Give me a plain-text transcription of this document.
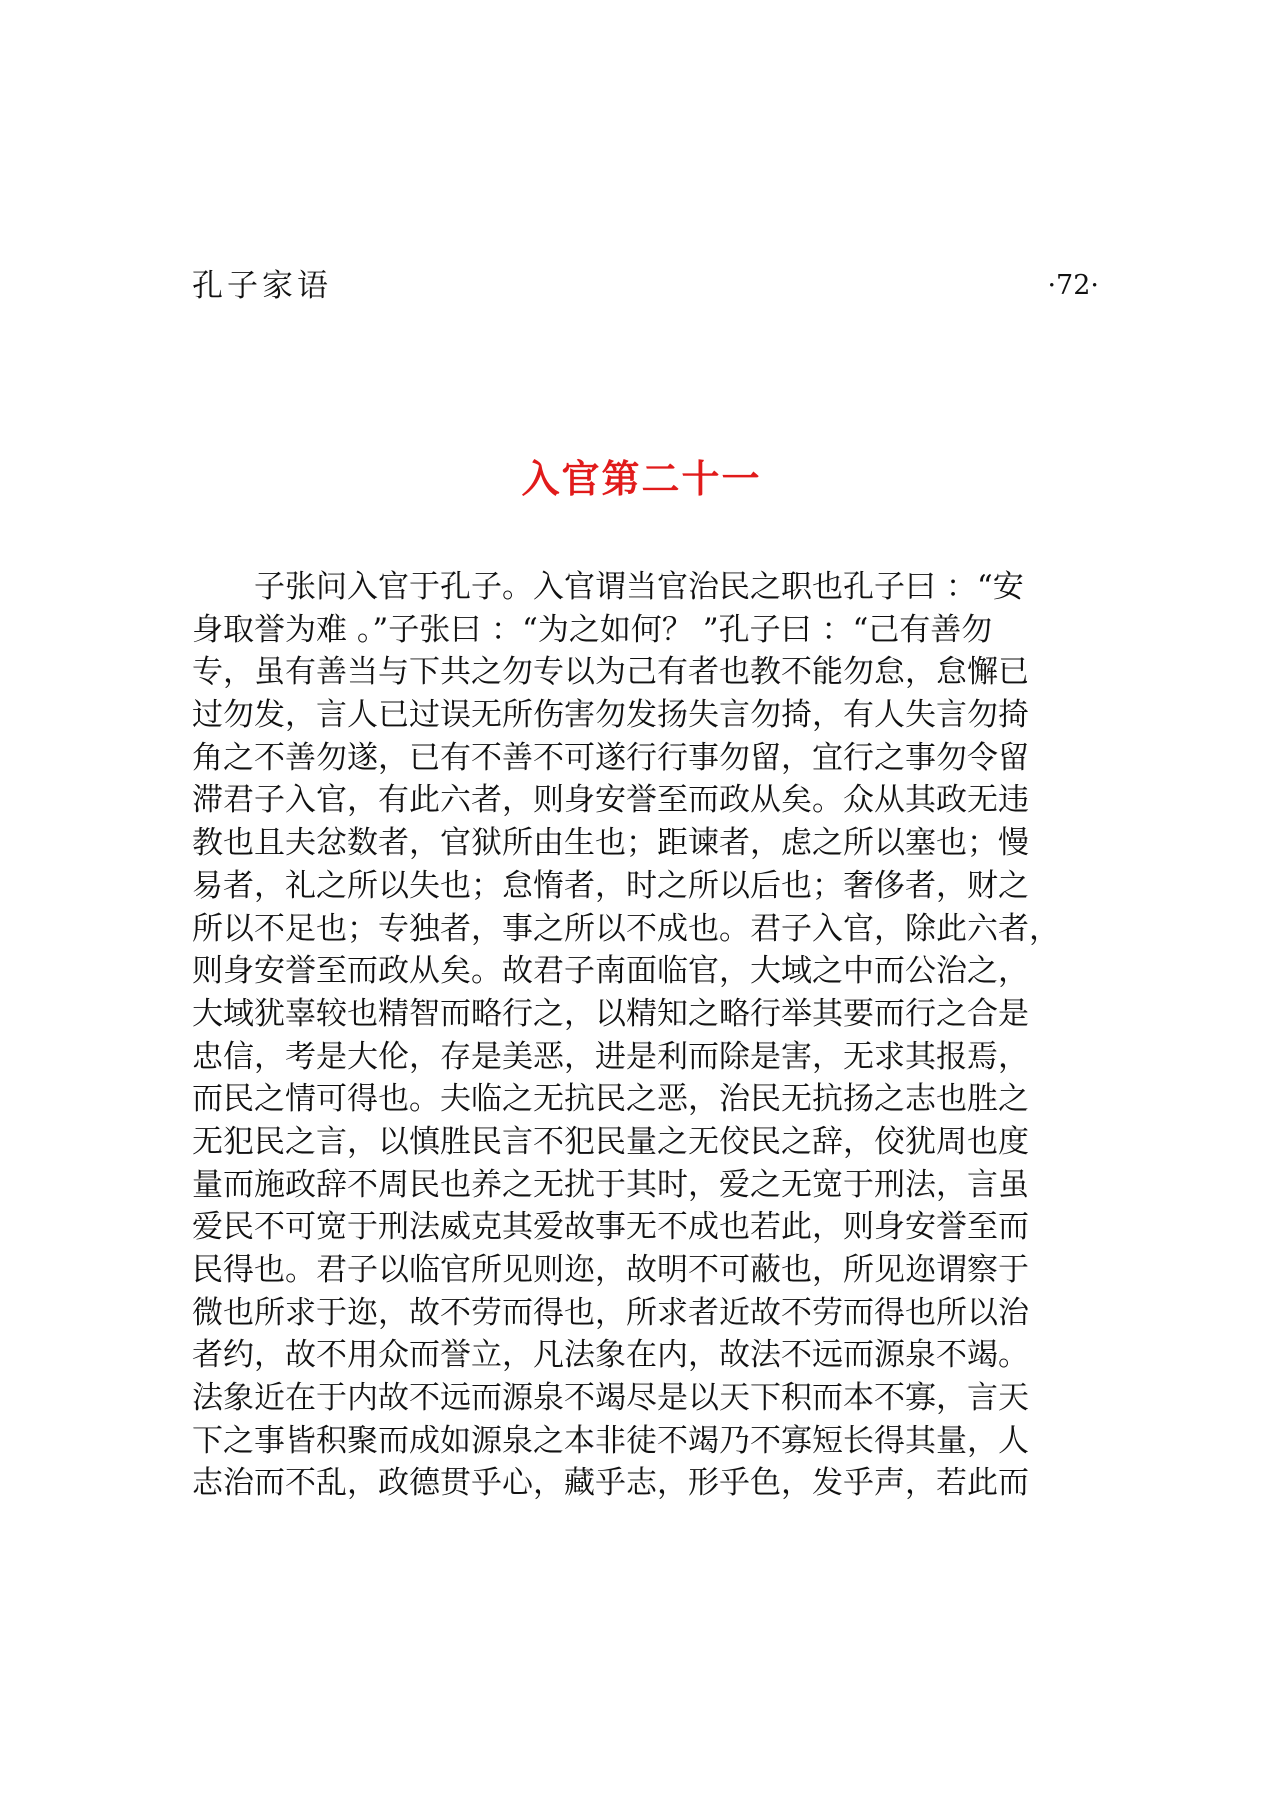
孔子家语	·72·
入官第二十一
子张问入官于孔子。入官谓当官治民之职也孔子曰 ：“安
身取誉为难 。”子张曰 ：“为之如何？ ”孔子曰 ：“己有善勿
专，虽有善当与下共之勿专以为己有者也教不能勿怠，怠懈已
过勿发，言人已过误无所伤害勿发扬失言勿掎，有人失言勿掎
角之不善勿遂，已有不善不可遂行行事勿留，宜行之事勿令留
滞君子入官，有此六者，则身安誉至而政从矣。众从其政无违
教也且夫忿数者，官狱所由生也；距谏者，虑之所以塞也；慢
易者，礼之所以失也；怠惰者，时之所以后也；奢侈者，财之
所以不足也；专独者，事之所以不成也。君子入官，除此六者，
则身安誉至而政从矣。故君子南面临官，大域之中而公治之，
大域犹辜较也精智而略行之，以精知之略行举其要而行之合是
忠信，考是大伦，存是美恶，进是利而除是害，无求其报焉，
而民之情可得也。夫临之无抗民之恶，治民无抗扬之志也胜之
无犯民之言，以慎胜民言不犯民量之无佼民之辞，佼犹周也度
量而施政辞不周民也养之无扰于其时，爱之无宽于刑法，言虽
爱民不可宽于刑法威克其爱故事无不成也若此，则身安誉至而
民得也。君子以临官所见则迩，故明不可蔽也，所见迩谓察于
微也所求于迩，故不劳而得也，所求者近故不劳而得也所以治
者约，故不用众而誉立，凡法象在内，故法不远而源泉不竭。
法象近在于内故不远而源泉不竭尽是以天下积而本不寡，言天
下之事皆积聚而成如源泉之本非徒不竭乃不寡短长得其量，人
志治而不乱，政德贯乎心，藏乎志，形乎色，发乎声，若此而
